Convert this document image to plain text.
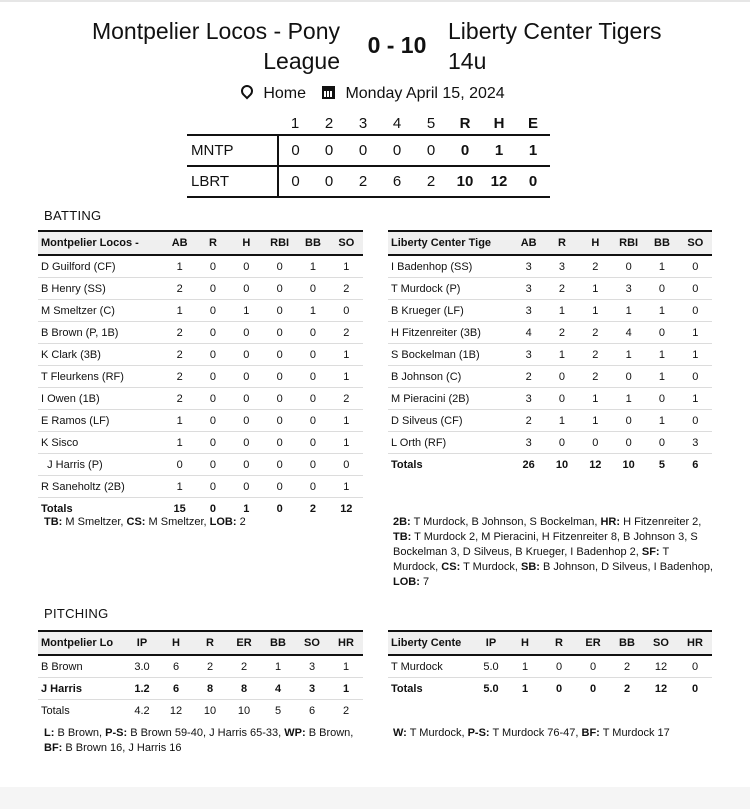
Montpelier Locos - Pony
League
0 - 10
Liberty Center Tigers
14u
Home Monday April 15, 2024
	1	2	3	4	5	R	H	E
MNTP	0	0	0	0	0	0	1	1
LBRT	0	0	2	6	2	10	12	0
BATTING
Montpelier Locos -	AB	R	H	RBI	BB	SO
D Guilford (CF)	1	0	0	0	1	1
B Henry (SS)	2	0	0	0	0	2
M Smeltzer (C)	1	0	1	0	1	0
B Brown (P, 1B)	2	0	0	0	0	2
K Clark (3B)	2	0	0	0	0	1
T Fleurkens (RF)	2	0	0	0	0	1
I Owen (1B)	2	0	0	0	0	2
E Ramos (LF)	1	0	0	0	0	1
K Sisco	1	0	0	0	0	1
J Harris (P)	0	0	0	0	0	0
R Saneholtz (2B)	1	0	0	0	0	1
Totals	15	0	1	0	2	12
Liberty Center Tige	AB	R	H	RBI	BB	SO
I Badenhop (SS)	3	3	2	0	1	0
T Murdock (P)	3	2	1	3	0	0
B Krueger (LF)	3	1	1	1	1	0
H Fitzenreiter (3B)	4	2	2	4	0	1
S Bockelman (1B)	3	1	2	1	1	1
B Johnson (C)	2	0	2	0	1	0
M Pieracini (2B)	3	0	1	1	0	1
D Silveus (CF)	2	1	1	0	1	0
L Orth (RF)	3	0	0	0	0	3
Totals	26	10	12	10	5	6
TB: M Smeltzer, CS: M Smeltzer, LOB: 2	2B: T Murdock, B Johnson, S Bockelman, HR: H Fitzenreiter 2, TB: T Murdock 2, M Pieracini, H Fitzenreiter 8, B Johnson 3, S Bockelman 3, D Silveus, B Krueger, I Badenhop 2, SF: T Murdock, CS: T Murdock, SB: B Johnson, D Silveus, I Badenhop, LOB: 7
PITCHING
Montpelier Lo	IP	H	R	ER	BB	SO	HR
B Brown	3.0	6	2	2	1	3	1
J Harris	1.2	6	8	8	4	3	1
Totals	4.2	12	10	10	5	6	2
Liberty Cente	IP	H	R	ER	BB	SO	HR
T Murdock	5.0	1	0	0	2	12	0
Totals	5.0	1	0	0	2	12	0
L: B Brown, P-S: B Brown 59-40, J Harris 65-33, WP: B Brown, BF: B Brown 16, J Harris 16
W: T Murdock, P-S: T Murdock 76-47, BF: T Murdock 17
